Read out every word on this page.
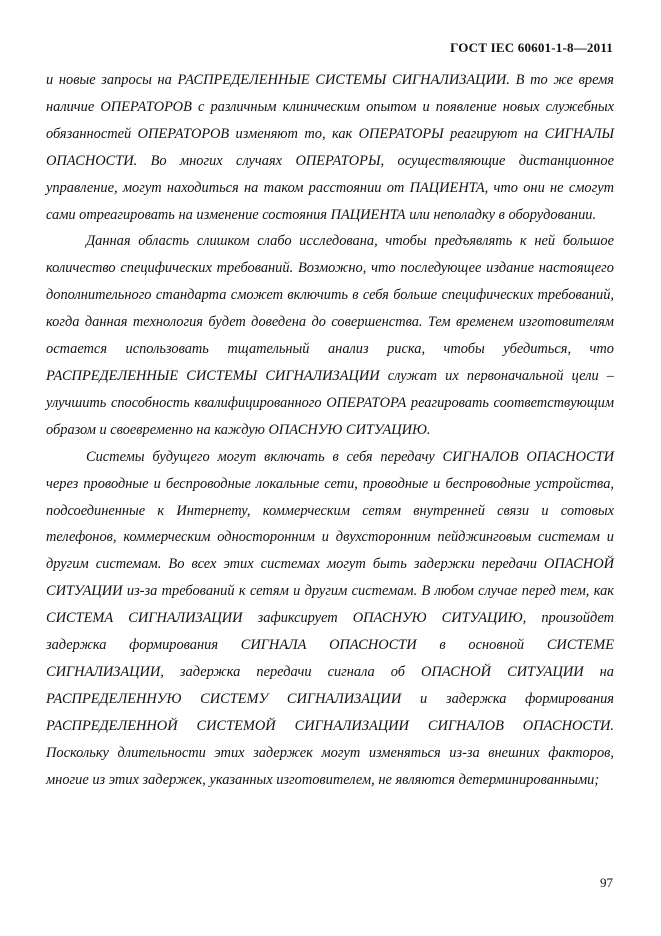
ГОСТ IEC 60601-1-8—2011

и новые запросы на РАСПРЕДЕЛЕННЫЕ СИСТЕМЫ СИГНАЛИЗАЦИИ. В то же время наличие ОПЕРАТОРОВ с различным клиническим опытом и появление новых служебных обязанностей ОПЕРАТОРОВ изменяют то, как ОПЕРАТОРЫ реагируют на СИГНАЛЫ ОПАСНОСТИ. Во многих случаях ОПЕРАТОРЫ, осуществляющие дистанционное управление, могут находиться на таком расстоянии от ПАЦИЕНТА, что они не смогут сами отреагировать на изменение состояния ПАЦИЕНТА или неполадку в оборудовании.

Данная область слишком слабо исследована, чтобы предъявлять к ней большое количество специфических требований. Возможно, что последующее издание настоящего дополнительного стандарта сможет включить в себя больше специфических требований, когда данная технология будет доведена до совершенства. Тем временем изготовителям остается использовать тщательный анализ риска, чтобы убедиться, что РАСПРЕДЕЛЕННЫЕ СИСТЕМЫ СИГНАЛИЗАЦИИ служат их первоначальной цели – улучшить способность квалифицированного ОПЕРАТОРА реагировать соответствующим образом и своевременно на каждую ОПАСНУЮ СИТУАЦИЮ.

Системы будущего могут включать в себя передачу СИГНАЛОВ ОПАСНОСТИ через проводные и беспроводные локальные сети, проводные и беспроводные устройства, подсоединенные к Интернету, коммерческим сетям внутренней связи и сотовых телефонов, коммерческим односторонним и двухсторонним пейджинговым системам и другим системам. Во всех этих системах могут быть задержки передачи ОПАСНОЙ СИТУАЦИИ из-за требований к сетям и другим системам. В любом случае перед тем, как СИСТЕМА СИГНАЛИЗАЦИИ зафиксирует ОПАСНУЮ СИТУАЦИЮ, произойдет задержка формирования СИГНАЛА ОПАСНОСТИ в основной СИСТЕМЕ СИГНАЛИЗАЦИИ, задержка передачи сигнала об ОПАСНОЙ СИТУАЦИИ на РАСПРЕДЕЛЕННУЮ СИСТЕМУ СИГНАЛИЗАЦИИ и задержка формирования РАСПРЕДЕЛЕННОЙ СИСТЕМОЙ СИГНАЛИЗАЦИИ СИГНАЛОВ ОПАСНОСТИ. Поскольку длительности этих задержек могут изменяться из-за внешних факторов, многие из этих задержек, указанных изготовителем, не являются детерминированными;

97
